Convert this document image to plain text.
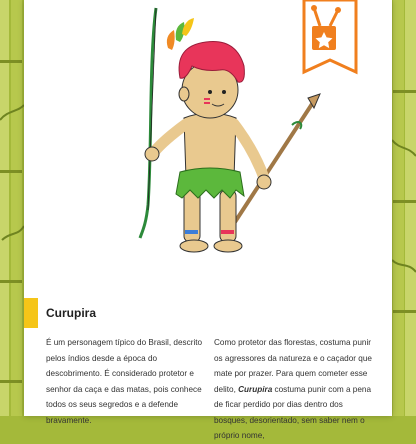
Curupira

É um personagem típico do Brasil, descrito pelos índios desde a época do descobrimento. É considerado protetor e senhor da caça e das matas, pois conhece todos os seus segredos e a defende bravamente.

Como protetor das florestas, costuma punir os agressores da natureza e o caçador que mate por prazer. Para quem cometer esse delito, Curupira costuma punir com a pena de ficar perdido por dias dentro dos bosques, desorientado, sem saber nem o próprio nome,
